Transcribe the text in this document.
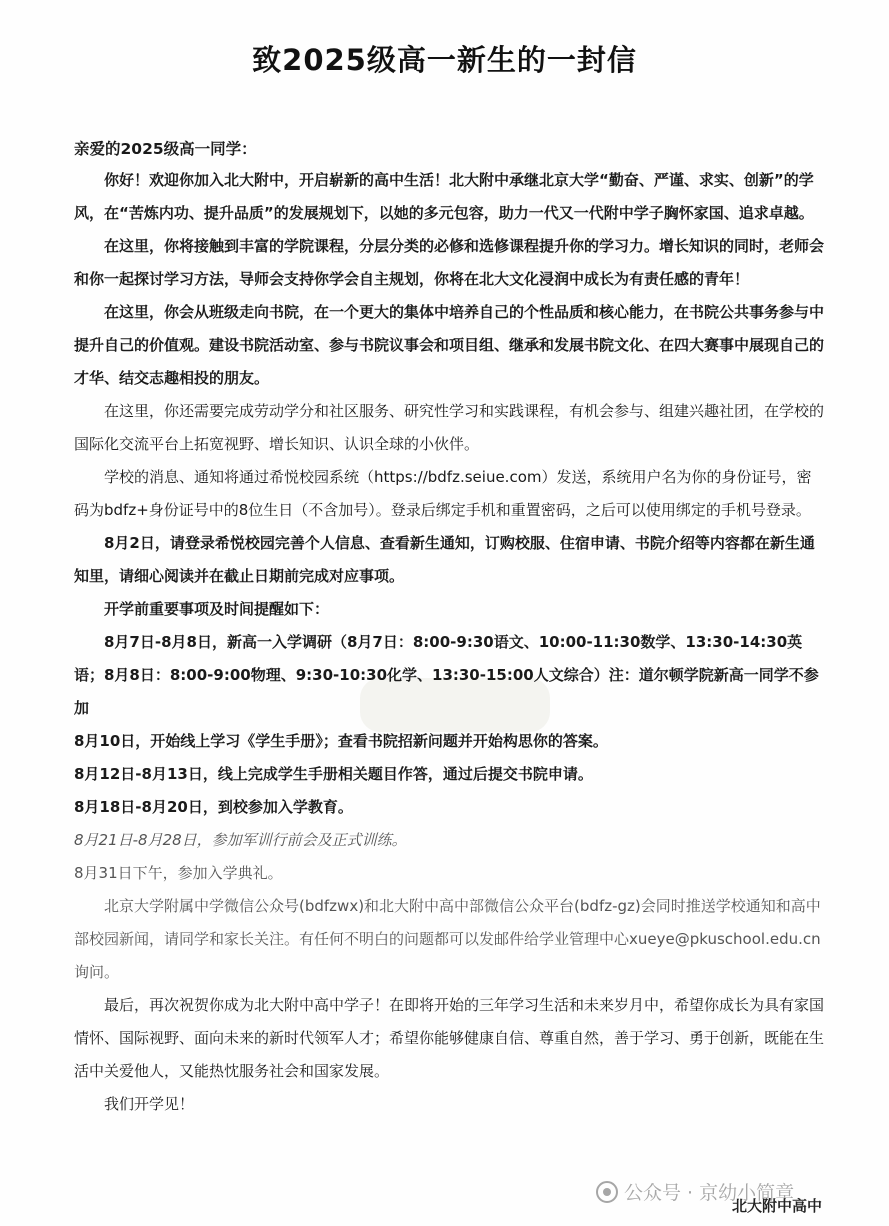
致2025级高一新生的一封信
亲爱的2025级高一同学：

你好！欢迎你加入北大附中，开启崭新的高中生活！北大附中承继北京大学“勤奋、严谨、求实、创新”的学风，在“苦炼内功、提升品质”的发展规划下，以她的多元包容，助力一代又一代附中学子胸怀家国、追求卓越。

在这里，你将接触到丰富的学院课程，分层分类的必修和选修课程提升你的学习力。增长知识的同时，老师会和你一起探讨学习方法，导师会支持你学会自主规划，你将在北大文化浸润中成长为有责任感的青年！

在这里，你会从班级走向书院，在一个更大的集体中培养自己的个性品质和核心能力，在书院公共事务参与中提升自己的价值观。建设书院活动室、参与书院议事会和项目组、继承和发展书院文化、在四大赛事中展现自己的才华、结交志趣相投的朋友。

在这里，你还需要完成劳动学分和社区服务、研究性学习和实践课程，有机会参与、组建兴趣社团，在学校的国际化交流平台上拓宽视野、增长知识、认识全球的小伙伴。

学校的消息、通知将通过希悦校园系统（https://bdfz.seiue.com）发送，系统用户名为你的身份证号，密码为bdfz+身份证号中的8位生日（不含加号）。登录后绑定手机和重置密码，之后可以使用绑定的手机号登录。

8月2日，请登录希悦校园完善个人信息、查看新生通知，订购校服、住宿申请、书院介绍等内容都在新生通知里，请细心阅读并在截止日期前完成对应事项。

开学前重要事项及时间提醒如下：

8月7日-8月8日，新高一入学调研（8月7日：8:00-9:30语文、10:00-11:30数学、13:30-14:30英语；8月8日：8:00-9:00物理、9:30-10:30化学、13:30-15:00人文综合）注：道尔顿学院新高一同学不参加

8月10日，开始线上学习《学生手册》；查看书院招新问题并开始构思你的答案。

8月12日-8月13日，线上完成学生手册相关题目作答，通过后提交书院申请。

8月18日-8月20日，到校参加入学教育。

8月21日-8月28日，参加军训行前会及正式训练。

8月31日下午，参加入学典礼。

北京大学附属中学微信公众号(bdfzwx)和北大附中高中部微信公众平台(bdfz-gz)会同时推送学校通知和高中部校园新闻，请同学和家长关注。有任何不明白的问题都可以发邮件给学业管理中心xueye@pkuschool.edu.cn询问。

最后，再次祝贺你成为北大附中高中学子！在即将开始的三年学习生活和未来岁月中，希望你成长为具有家国情怀、国际视野、面向未来的新时代领军人才；希望你能够健康自信、尊重自然，善于学习、勇于创新，既能在生活中关爱他人，又能热忱服务社会和国家发展。

我们开学见！

公众号 · 京幼小简章
北大附中高中
